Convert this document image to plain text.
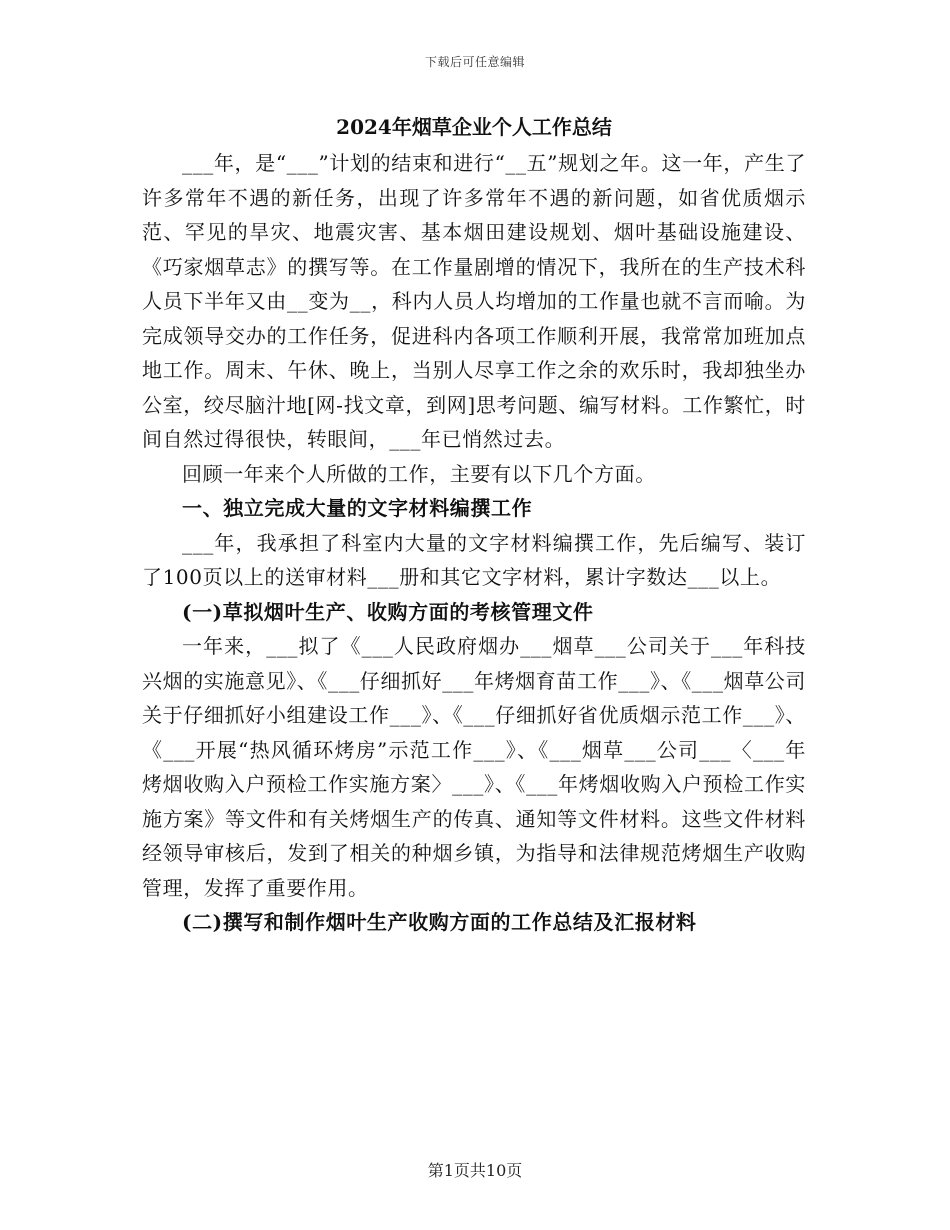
下载后可任意编辑
2024年烟草企业个人工作总结

___年，是“___”计划的结束和进行“__五”规划之年。这一年，产生了许多常年不遇的新任务，出现了许多常年不遇的新问题，如省优质烟示范、罕见的旱灾、地震灾害、基本烟田建设规划、烟叶基础设施建设、《巧家烟草志》的撰写等。在工作量剧增的情况下，我所在的生产技术科人员下半年又由__变为__，科内人员人均增加的工作量也就不言而喻。为完成领导交办的工作任务，促进科内各项工作顺利开展，我常常加班加点地工作。周末、午休、晚上，当别人尽享工作之余的欢乐时，我却独坐办公室，绞尽脑汁地[网-找文章，到网]思考问题、编写材料。工作繁忙，时间自然过得很快，转眼间，___年已悄然过去。

回顾一年来个人所做的工作，主要有以下几个方面。

一、独立完成大量的文字材料编撰工作

___年，我承担了科室内大量的文字材料编撰工作，先后编写、装订了100页以上的送审材料___册和其它文字材料，累计字数达___以上。

(一)草拟烟叶生产、收购方面的考核管理文件

一年来，___拟了《___人民政府烟办___烟草___公司关于___年科技兴烟的实施意见》、《___仔细抓好___年烤烟育苗工作___》、《___烟草公司关于仔细抓好小组建设工作___》、《___仔细抓好省优质烟示范工作___》、《___开展“热风循环烤房”示范工作___》、《___烟草___公司___〈___年烤烟收购入户预检工作实施方案〉___》、《___年烤烟收购入户预检工作实施方案》等文件和有关烤烟生产的传真、通知等文件材料。这些文件材料经领导审核后，发到了相关的种烟乡镇，为指导和法律规范烤烟生产收购管理，发挥了重要作用。

(二)撰写和制作烟叶生产收购方面的工作总结及汇报材料

第1页共10页
